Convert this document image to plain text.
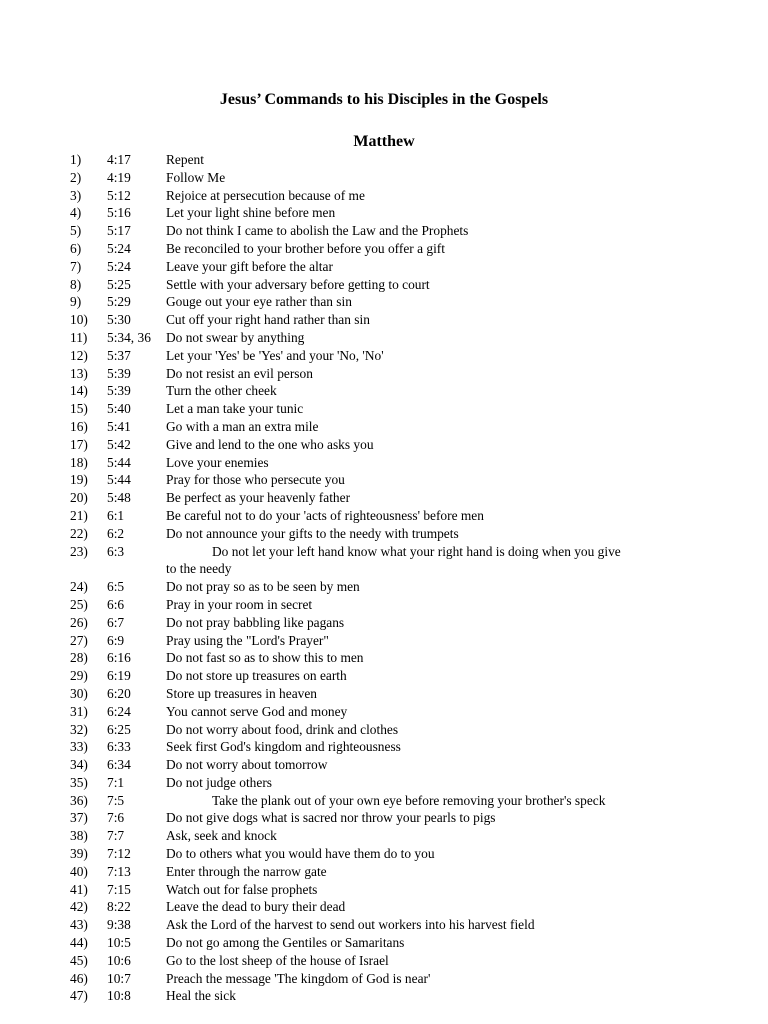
Jesus’ Commands to his Disciples in the Gospels
Matthew
1) 4:17	Repent
2) 4:19	Follow Me
3) 5:12	Rejoice at persecution because of me
4) 5:16	Let your light shine before men
5) 5:17	Do not think I came to abolish the Law and the Prophets
6) 5:24	Be reconciled to your brother before you offer a gift
7) 5:24	Leave your gift before the altar
8) 5:25	Settle with your adversary before getting to court
9) 5:29	Gouge out your eye rather than sin
10) 5:30	Cut off your right hand rather than sin
11) 5:34, 36 Do not swear by anything
12) 5:37	Let your 'Yes' be 'Yes' and your 'No, 'No'
13) 5:39	Do not resist an evil person
14) 5:39	Turn the other cheek
15) 5:40	Let a man take your tunic
16) 5:41	Go with a man an extra mile
17) 5:42	Give and lend to the one who asks you
18) 5:44	Love your enemies
19) 5:44	Pray for those who persecute you
20) 5:48	Be perfect as your heavenly father
21) 6:1	Be careful not to do your 'acts of righteousness' before men
22) 6:2	Do not announce your gifts to the needy with trumpets
23) 6:3	Do not let your left hand know what your right hand is doing when you give
to the needy
24) 6:5	Do not pray so as to be seen by men
25) 6:6	Pray in your room in secret
26) 6:7	Do not pray babbling like pagans
27) 6:9	Pray using the "Lord's Prayer"
28) 6:16	Do not fast so as to show this to men
29) 6:19	Do not store up treasures on earth
30) 6:20	Store up treasures in heaven
31) 6:24	You cannot serve God and money
32) 6:25	Do not worry about food, drink and clothes
33) 6:33	Seek first God's kingdom and righteousness
34) 6:34	Do not worry about tomorrow
35) 7:1	Do not judge others
36) 7:5	Take the plank out of your own eye before removing your brother's speck
37) 7:6	Do not give dogs what is sacred nor throw your pearls to pigs
38) 7:7	Ask, seek and knock
39) 7:12	Do to others what you would have them do to you
40) 7:13	Enter through the narrow gate
41) 7:15	Watch out for false prophets
42) 8:22	Leave the dead to bury their dead
43) 9:38	Ask the Lord of the harvest to send out workers into his harvest field
44) 10:5	Do not go among the Gentiles or Samaritans
45) 10:6	Go to the lost sheep of the house of Israel
46) 10:7	Preach the message 'The kingdom of God is near'
47) 10:8	Heal the sick
